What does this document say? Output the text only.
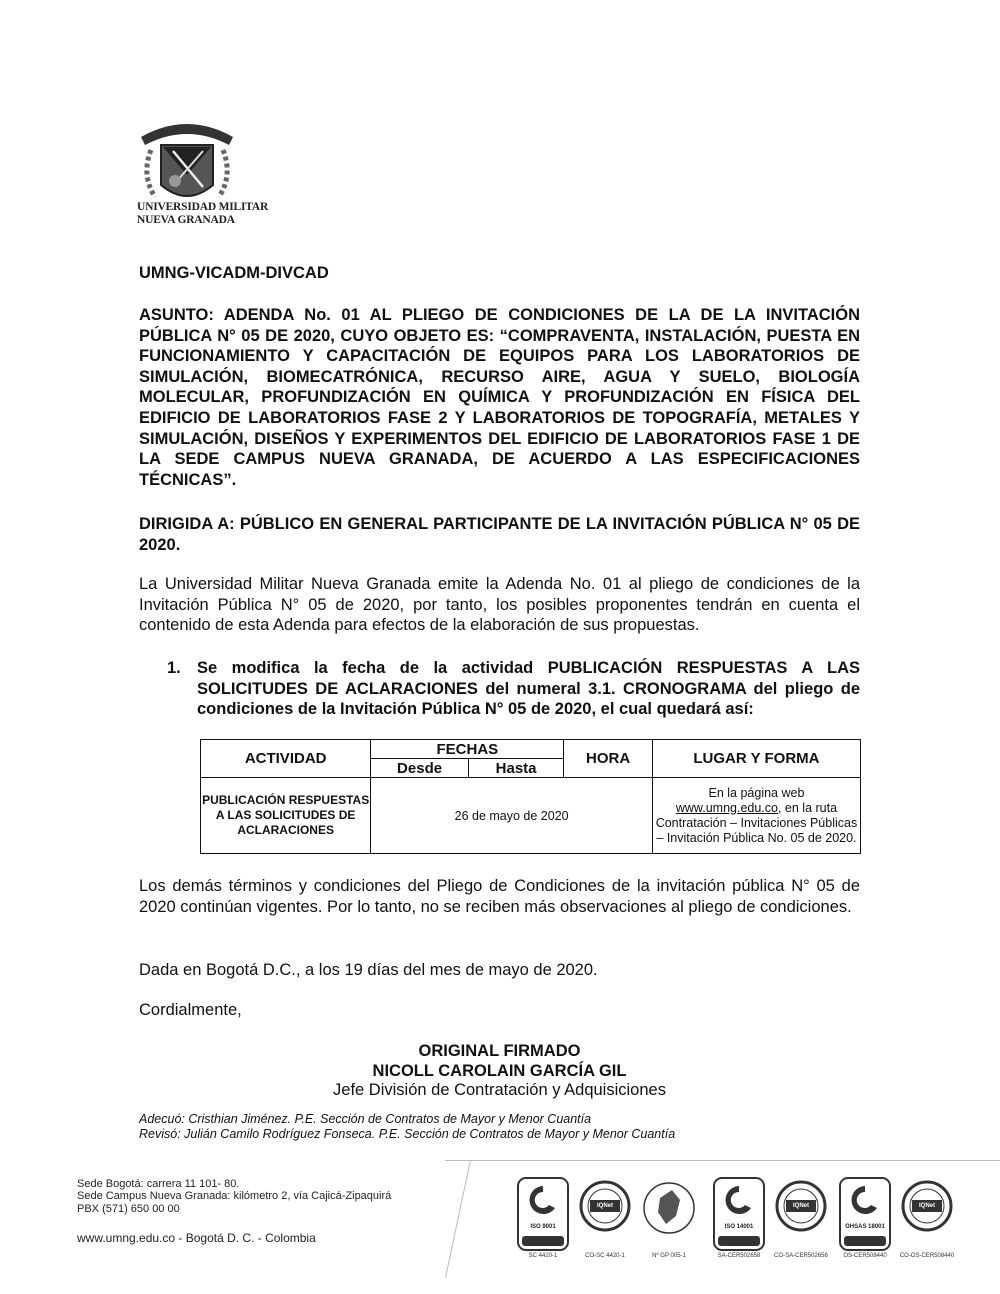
UNIVERSIDAD MILITAR
NUEVA GRANADA
UMNG-VICADM-DIVCAD
ASUNTO: ADENDA No. 01 AL PLIEGO DE CONDICIONES DE LA DE LA INVITACIÓN PÚBLICA N° 05 DE 2020, CUYO OBJETO ES: “COMPRAVENTA, INSTALACIÓN, PUESTA EN FUNCIONAMIENTO Y CAPACITACIÓN DE EQUIPOS PARA LOS LABORATORIOS DE SIMULACIÓN, BIOMECATRÓNICA, RECURSO AIRE, AGUA Y SUELO, BIOLOGÍA MOLECULAR, PROFUNDIZACIÓN EN QUÍMICA Y PROFUNDIZACIÓN EN FÍSICA DEL EDIFICIO DE LABORATORIOS FASE 2 Y LABORATORIOS DE TOPOGRAFÍA, METALES Y SIMULACIÓN, DISEÑOS Y EXPERIMENTOS DEL EDIFICIO DE LABORATORIOS FASE 1 DE LA SEDE CAMPUS NUEVA GRANADA, DE ACUERDO A LAS ESPECIFICACIONES TÉCNICAS”.
DIRIGIDA A: PÚBLICO EN GENERAL PARTICIPANTE DE LA INVITACIÓN PÚBLICA N° 05 DE 2020.
La Universidad Militar Nueva Granada emite la Adenda No. 01 al pliego de condiciones de la Invitación Pública N° 05 de 2020, por tanto, los posibles proponentes tendrán en cuenta el contenido de esta Adenda para efectos de la elaboración de sus propuestas.
1. Se modifica la fecha de la actividad PUBLICACIÓN RESPUESTAS A LAS SOLICITUDES DE ACLARACIONES del numeral 3.1. CRONOGRAMA del pliego de condiciones de la Invitación Pública N° 05 de 2020, el cual quedará así:
ACTIVIDAD	FECHAS		HORA	LUGAR Y FORMA
	Desde	Hasta		
PUBLICACIÓN RESPUESTAS A LAS SOLICITUDES DE ACLARACIONES	26 de mayo de 2020			En la página web
www.umng.edu.co, en la ruta Contratación – Invitaciones Públicas – Invitación Pública No. 05 de 2020.
Los demás términos y condiciones del Pliego de Condiciones de la invitación pública N° 05 de 2020 continúan vigentes. Por lo tanto, no se reciben más observaciones al pliego de condiciones.
Dada en Bogotá D.C., a los 19 días del mes de mayo de 2020.
Cordialmente,
ORIGINAL FIRMADO
NICOLL CAROLAIN GARCÍA GIL
Jefe División de Contratación y Adquisiciones
Adecuó: Cristhian Jiménez. P.E. Sección de Contratos de Mayor y Menor Cuantía
Revisó: Julián Camilo Rodríguez Fonseca. P.E. Sección de Contratos de Mayor y Menor Cuantía
Sede Bogotá: carrera 11 101- 80.
Sede Campus Nueva Granada: kilómetro 2, vía Cajicá-Zipaquirá
PBX (571) 650 00 00
www.umng.edu.co - Bogotá D. C. - Colombia
ISO 9001
SC 4420-1
IQNet
CO-SC 4420-1	Nº GP 005-1
ISO 14001
SA-CER502658
IQNet
CO-SA-CER502656
OHSAS 18001
OS-CER508440
IQNet
CO-OS-CER508440
